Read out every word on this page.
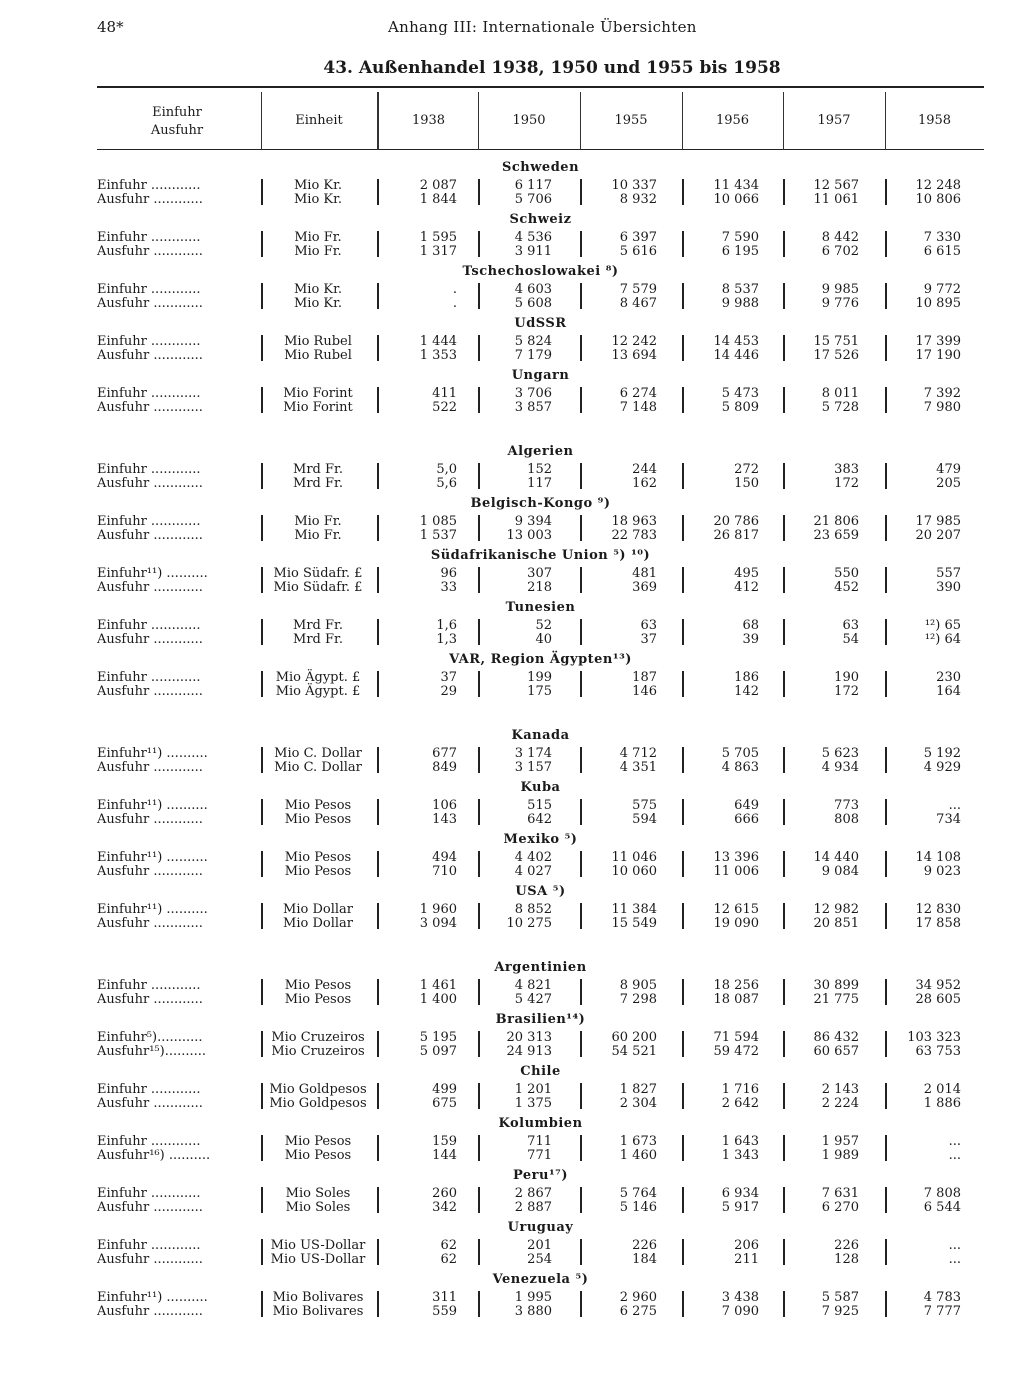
48*	Anhang III: Internationale Übersichten
43. Außenhandel 1938, 1950 und 1955 bis 1958
Einfuhr
Ausfuhr
Einheit	1938	1950	1955	1956	1957	1958
Schweden
Einfuhr ............	Mio Kr.	2 087	6 117	10 337	11 434	12 567	12 248
Ausfuhr ............	Mio Kr.	1 844	5 706	8 932	10 066	11 061	10 806
Schweiz
Einfuhr ............	Mio Fr.	1 595	4 536	6 397	7 590	8 442	7 330
Ausfuhr ............	Mio Fr.	1 317	3 911	5 616	6 195	6 702	6 615
Tschechoslowakei ⁸)
Einfuhr ............	Mio Kr.	.	4 603	7 579	8 537	9 985	9 772
Ausfuhr ............	Mio Kr.	.	5 608	8 467	9 988	9 776	10 895
UdSSR
Einfuhr ............	Mio Rubel	1 444	5 824	12 242	14 453	15 751	17 399
Ausfuhr ............	Mio Rubel	1 353	7 179	13 694	14 446	17 526	17 190
Ungarn
Einfuhr ............	Mio Forint	411	3 706	6 274	5 473	8 011	7 392
Ausfuhr ............	Mio Forint	522	3 857	7 148	5 809	5 728	7 980
Algerien
Einfuhr ............	Mrd Fr.	5,0	152	244	272	383	479
Ausfuhr ............	Mrd Fr.	5,6	117	162	150	172	205
Belgisch-Kongo ⁹)
Einfuhr ............	Mio Fr.	1 085	9 394	18 963	20 786	21 806	17 985
Ausfuhr ............	Mio Fr.	1 537	13 003	22 783	26 817	23 659	20 207
Südafrikanische Union ⁵) ¹⁰)
Einfuhr¹¹) ..........	Mio Südafr. £	96	307	481	495	550	557
Ausfuhr ............	Mio Südafr. £	33	218	369	412	452	390
Tunesien
Einfuhr ............	Mrd Fr.	1,6	52	63	68	63	¹²) 65
Ausfuhr ............	Mrd Fr.	1,3	40	37	39	54	¹²) 64
VAR, Region Ägypten¹³)
Einfuhr ............	Mio Ägypt. £	37	199	187	186	190	230
Ausfuhr ............	Mio Ägypt. £	29	175	146	142	172	164
Kanada
Einfuhr¹¹) ..........	Mio C. Dollar	677	3 174	4 712	5 705	5 623	5 192
Ausfuhr ............	Mio C. Dollar	849	3 157	4 351	4 863	4 934	4 929
Kuba
Einfuhr¹¹) ..........	Mio Pesos	106	515	575	649	773	...
Ausfuhr ............	Mio Pesos	143	642	594	666	808	734
Mexiko ⁵)
Einfuhr¹¹) ..........	Mio Pesos	494	4 402	11 046	13 396	14 440	14 108
Ausfuhr ............	Mio Pesos	710	4 027	10 060	11 006	9 084	9 023
USA ⁵)
Einfuhr¹¹) ..........	Mio Dollar	1 960	8 852	11 384	12 615	12 982	12 830
Ausfuhr ............	Mio Dollar	3 094	10 275	15 549	19 090	20 851	17 858
Argentinien
Einfuhr ............	Mio Pesos	1 461	4 821	8 905	18 256	30 899	34 952
Ausfuhr ............	Mio Pesos	1 400	5 427	7 298	18 087	21 775	28 605
Brasilien¹⁴)
Einfuhr⁵)...........	Mio Cruzeiros	5 195	20 313	60 200	71 594	86 432	103 323
Ausfuhr¹⁵)..........	Mio Cruzeiros	5 097	24 913	54 521	59 472	60 657	63 753
Chile
Einfuhr ............	Mio Goldpesos	499	1 201	1 827	1 716	2 143	2 014
Ausfuhr ............	Mio Goldpesos	675	1 375	2 304	2 642	2 224	1 886
Kolumbien
Einfuhr ............	Mio Pesos	159	711	1 673	1 643	1 957	...
Ausfuhr¹⁶) ..........	Mio Pesos	144	771	1 460	1 343	1 989	...
Peru¹⁷)
Einfuhr ............	Mio Soles	260	2 867	5 764	6 934	7 631	7 808
Ausfuhr ............	Mio Soles	342	2 887	5 146	5 917	6 270	6 544
Uruguay
Einfuhr ............	Mio US-Dollar	62	201	226	206	226	...
Ausfuhr ............	Mio US-Dollar	62	254	184	211	128	...
Venezuela ⁵)
Einfuhr¹¹) ..........	Mio Bolivares	311	1 995	2 960	3 438	5 587	4 783
Ausfuhr ............	Mio Bolivares	559	3 880	6 275	7 090	7 925	7 777
